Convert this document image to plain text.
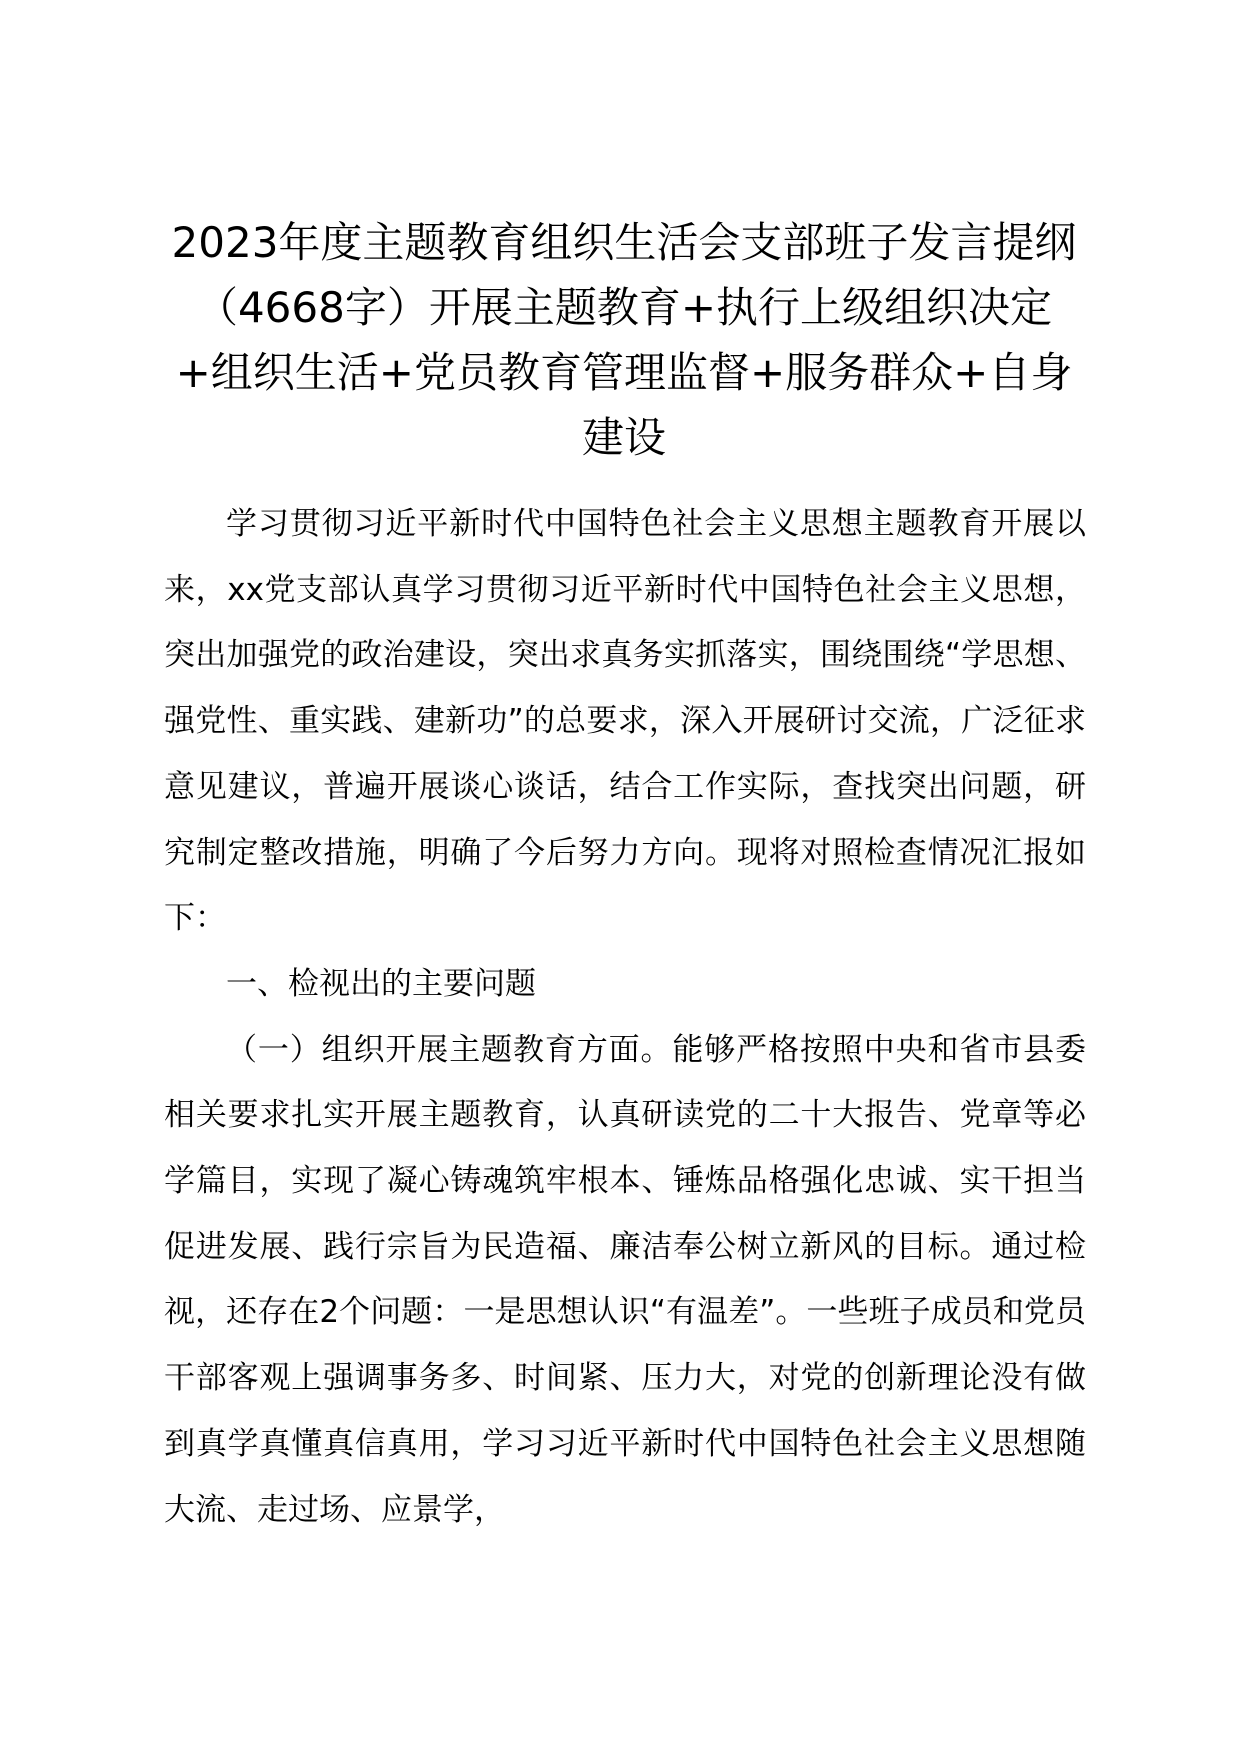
2023年度主题教育组织生活会支部班子发言提纲（4668字）开展主题教育+执行上级组织决定+组织生活+党员教育管理监督+服务群众+自身建设

学习贯彻习近平新时代中国特色社会主义思想主题教育开展以来，xx党支部认真学习贯彻习近平新时代中国特色社会主义思想，突出加强党的政治建设，突出求真务实抓落实，围绕围绕“学思想、强党性、重实践、建新功”的总要求，深入开展研讨交流，广泛征求意见建议，普遍开展谈心谈话，结合工作实际，查找突出问题，研究制定整改措施，明确了今后努力方向。现将对照检查情况汇报如下：

一、检视出的主要问题

（一）组织开展主题教育方面。能够严格按照中央和省市县委相关要求扎实开展主题教育，认真研读党的二十大报告、党章等必学篇目，实现了凝心铸魂筑牢根本、锤炼品格强化忠诚、实干担当促进发展、践行宗旨为民造福、廉洁奉公树立新风的目标。通过检视，还存在2个问题：一是思想认识“有温差”。一些班子成员和党员干部客观上强调事务多、时间紧、压力大，对党的创新理论没有做到真学真懂真信真用，学习习近平新时代中国特色社会主义思想随大流、走过场、应景学，
